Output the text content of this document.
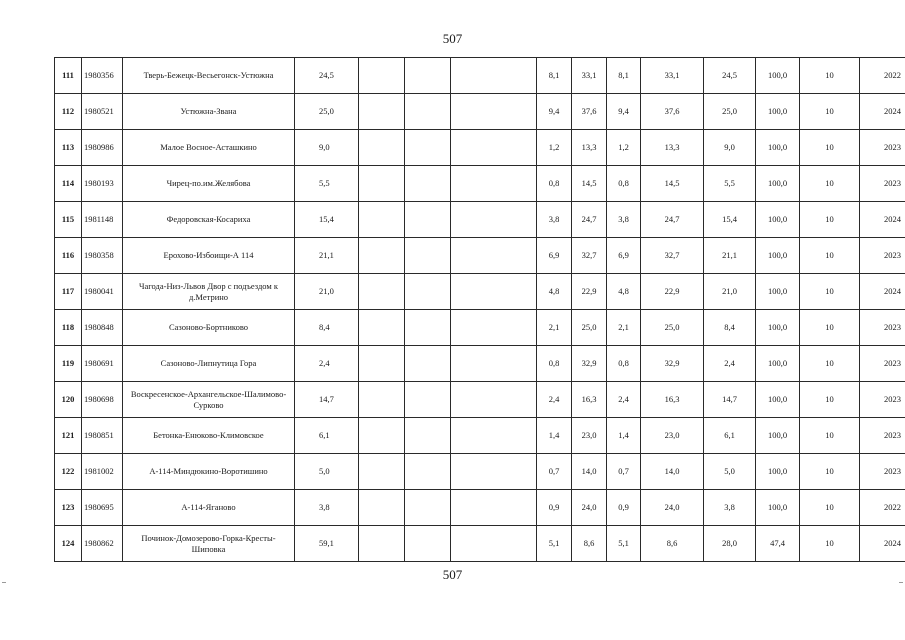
507
111	1980356	Тверь-Бежецк-Весьегонск-Устюжна	24,5				8,1	33,1	8,1	33,1	24,5	100,0	10	2022
112	1980521	Устюжна-Звана	25,0				9,4	37,6	9,4	37,6	25,0	100,0	10	2024
113	1980986	Малое Восное-Асташкино	9,0				1,2	13,3	1,2	13,3	9,0	100,0	10	2023
114	1980193	Чирец-по.им.Желябова	5,5				0,8	14,5	0,8	14,5	5,5	100,0	10	2023
115	1981148	Федоровская-Косариха	15,4				3,8	24,7	3,8	24,7	15,4	100,0	10	2024
116	1980358	Ерохово-Избоищи-А 114	21,1				6,9	32,7	6,9	32,7	21,1	100,0	10	2023
117	1980041	Чагода-Низ-Львов Двор с подъездом к д.Метрино	21,0				4,8	22,9	4,8	22,9	21,0	100,0	10	2024
118	1980848	Сазоново-Бортниково	8,4				2,1	25,0	2,1	25,0	8,4	100,0	10	2023
119	1980691	Сазоново-Липнутица Гора	2,4				0,8	32,9	0,8	32,9	2,4	100,0	10	2023
120	1980698	Воскресенское-Архангельское-Шалимово-Сурково	14,7				2,4	16,3	2,4	16,3	14,7	100,0	10	2023
121	1980851	Бетонка-Енюково-Климовское	6,1				1,4	23,0	1,4	23,0	6,1	100,0	10	2023
122	1981002	А-114-Миндюкино-Воротишино	5,0				0,7	14,0	0,7	14,0	5,0	100,0	10	2023
123	1980695	А-114-Яганово	3,8				0,9	24,0	0,9	24,0	3,8	100,0	10	2022
124	1980862	Починок-Домозерово-Горка-Кресты-Шиповка	59,1				5,1	8,6	5,1	8,6	28,0	47,4	10	2024
507
